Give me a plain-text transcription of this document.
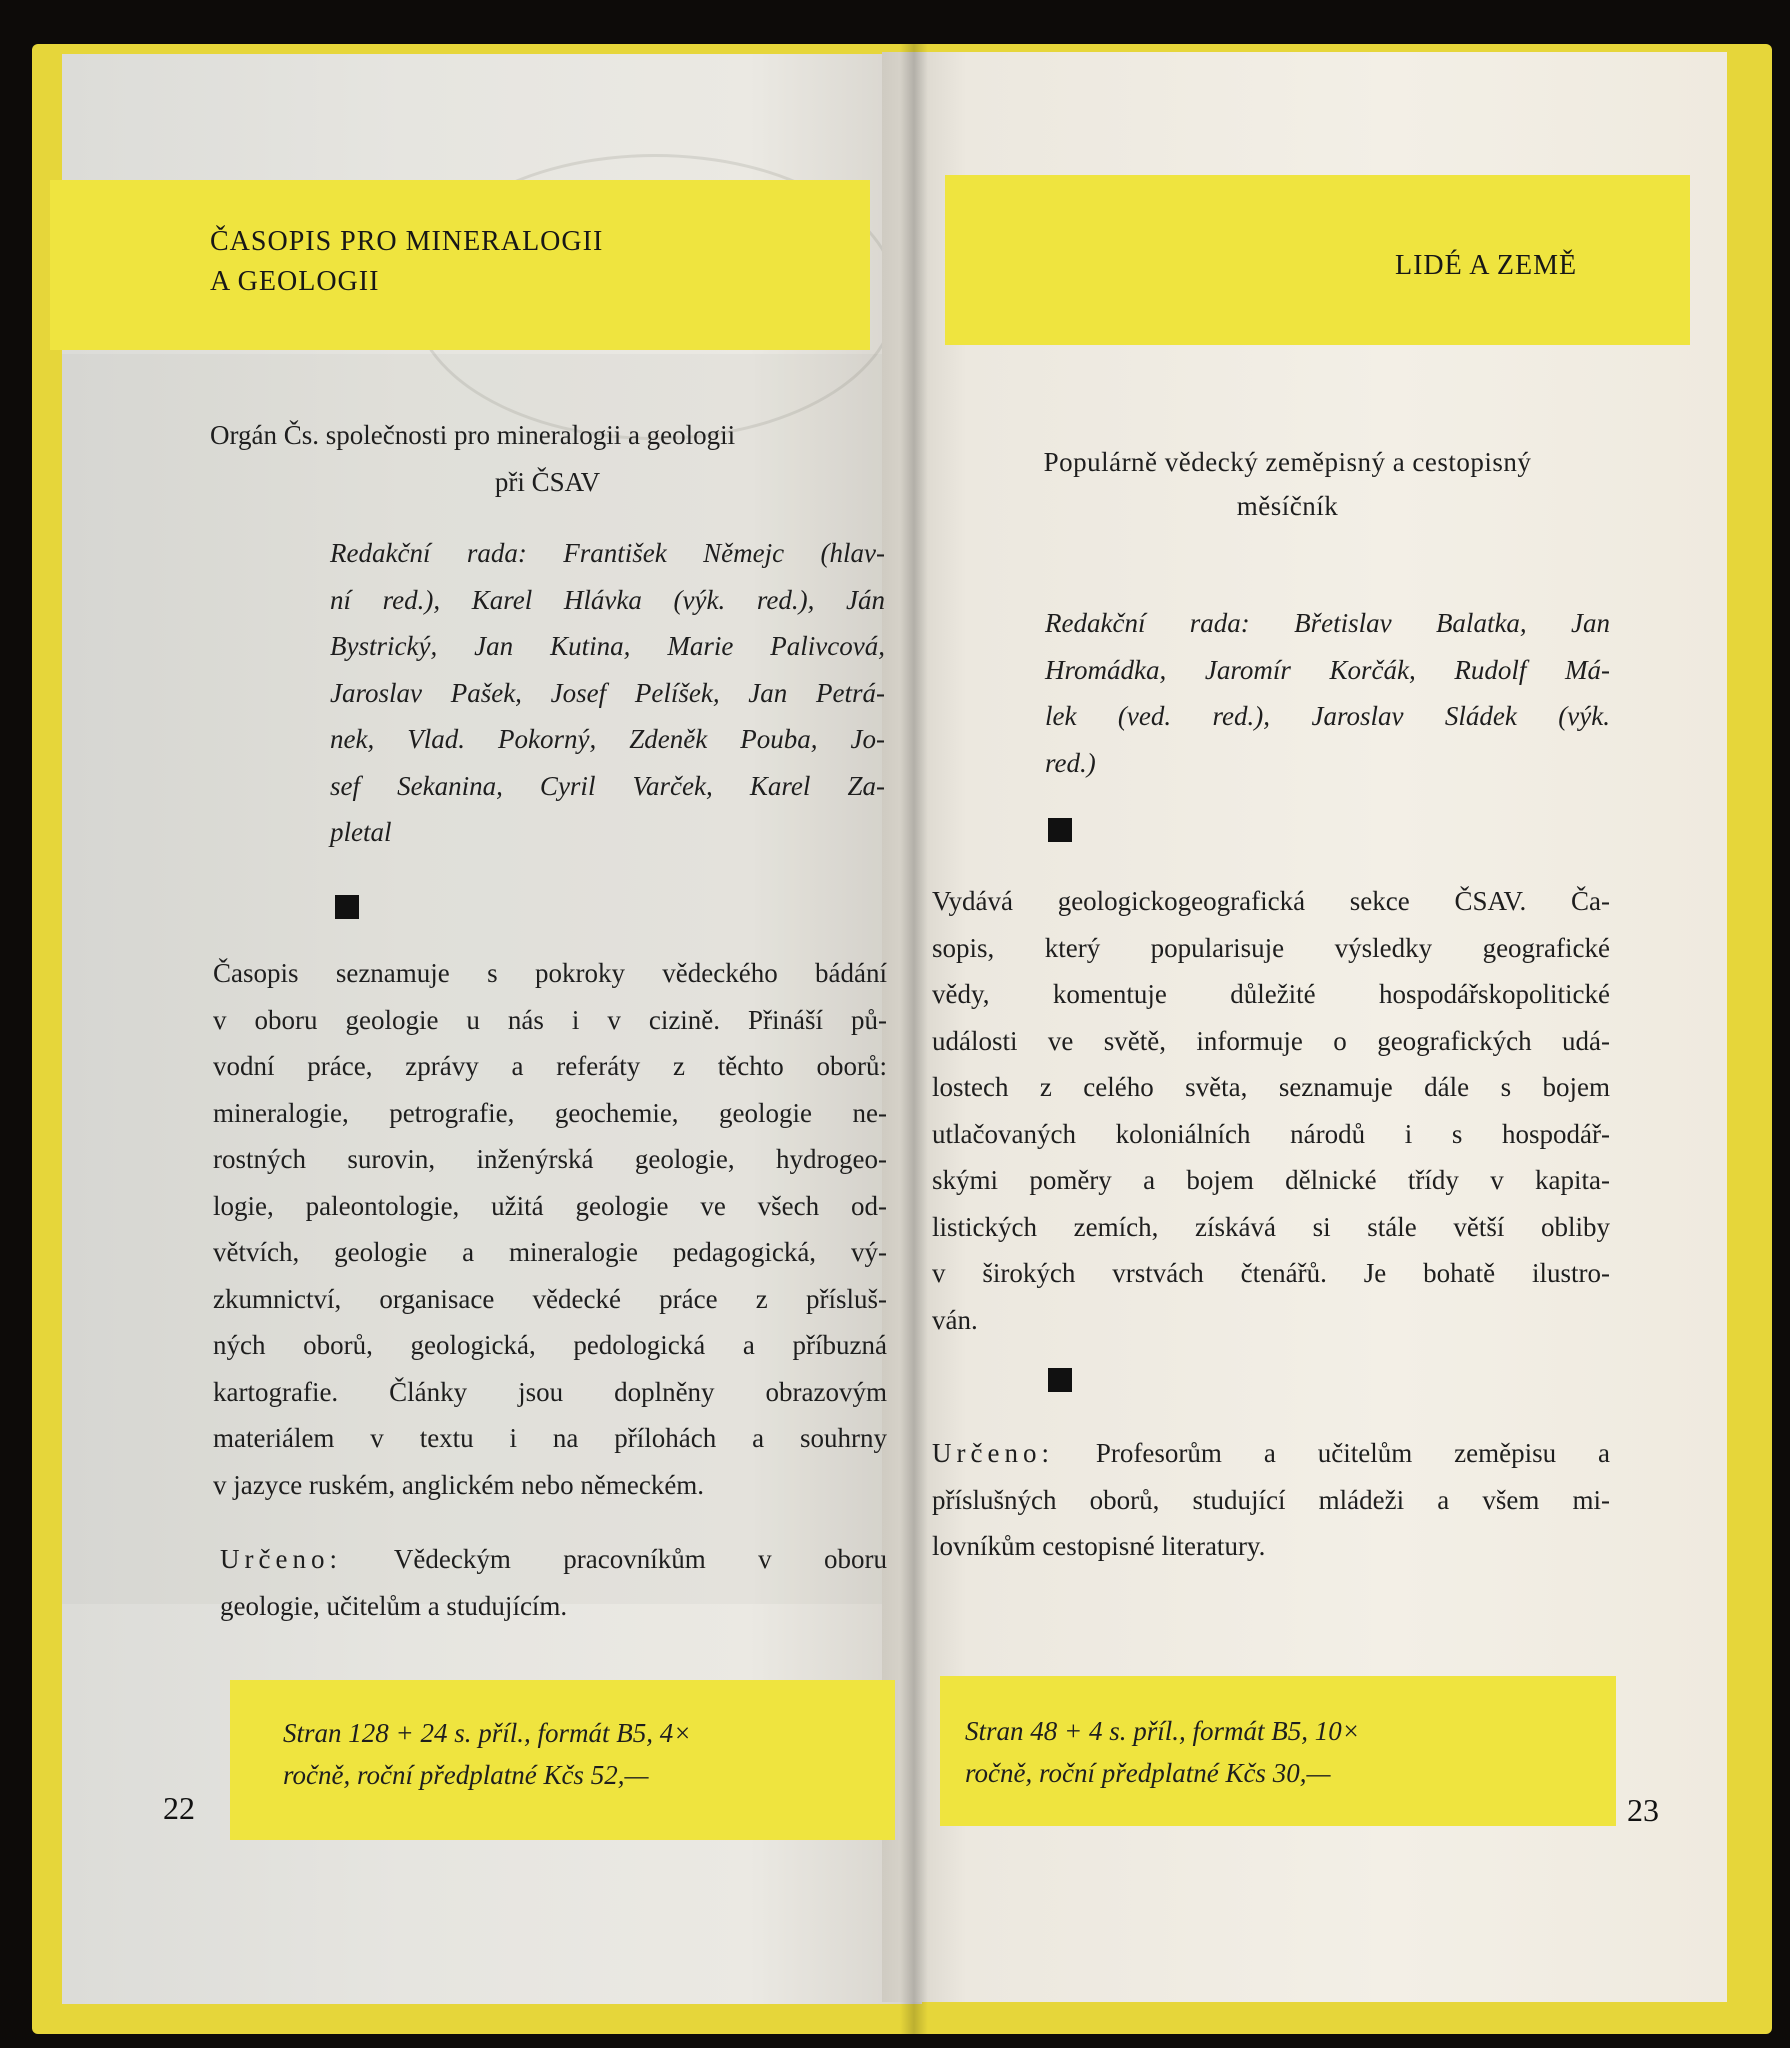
ČASOPIS PRO MINERALOGII
A GEOLOGII
Orgán Čs. společnosti pro mineralogii a geologii
při ČSAV
Redakční rada: František Němejc (hlav-
ní red.), Karel Hlávka (výk. red.), Ján
Bystrický, Jan Kutina, Marie Palivcová,
Jaroslav Pašek, Josef Pelíšek, Jan Petrá-
nek, Vlad. Pokorný, Zdeněk Pouba, Jo-
sef Sekanina, Cyril Varček, Karel Za-
pletal
Časopis seznamuje s pokroky vědeckého bádání
v oboru geologie u nás i v cizině. Přináší pů-
vodní práce, zprávy a referáty z těchto oborů:
mineralogie, petrografie, geochemie, geologie ne-
rostných surovin, inženýrská geologie, hydrogeo-
logie, paleontologie, užitá geologie ve všech od-
větvích, geologie a mineralogie pedagogická, vý-
zkumnictví, organisace vědecké práce z přísluš-
ných oborů, geologická, pedologická a příbuzná
kartografie. Články jsou doplněny obrazovým
materiálem v textu i na přílohách a souhrny
v jazyce ruském, anglickém nebo německém.
Určeno: Vědeckým pracovníkům v oboru
geologie, učitelům a studujícím.
Stran 128 + 24 s. příl., formát B5, 4×
ročně, roční předplatné Kčs 52,—
22
LIDÉ A ZEMĚ
Populárně vědecký zeměpisný a cestopisný
měsíčník
Redakční rada: Břetislav Balatka, Jan
Hromádka, Jaromír Korčák, Rudolf Má-
lek (ved. red.), Jaroslav Sládek (výk.
red.)
Vydává geologickogeografická sekce ČSAV. Ča-
sopis, který popularisuje výsledky geografické
vědy, komentuje důležité hospodářskopolitické
události ve světě, informuje o geografických udá-
lostech z celého světa, seznamuje dále s bojem
utlačovaných koloniálních národů i s hospodář-
skými poměry a bojem dělnické třídy v kapita-
listických zemích, získává si stále větší obliby
v širokých vrstvách čtenářů. Je bohatě ilustro-
ván.
Určeno: Profesorům a učitelům zeměpisu a
příslušných oborů, studující mládeži a všem mi-
lovníkům cestopisné literatury.
Stran 48 + 4 s. příl., formát B5, 10×
ročně, roční předplatné Kčs 30,—
23
